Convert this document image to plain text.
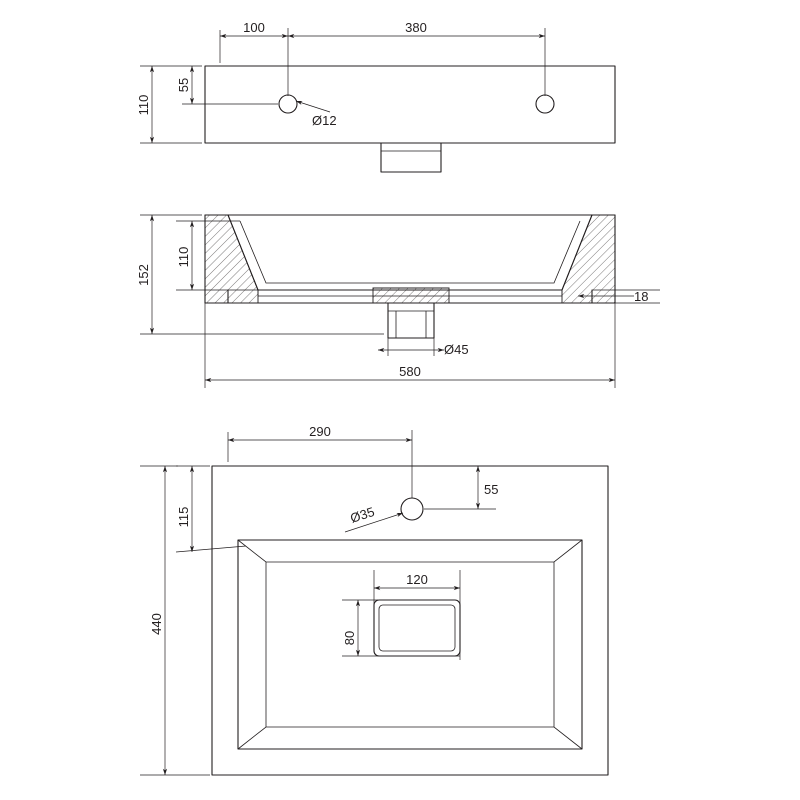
100	380
110
55
Ø12
152
110
18
Ø45
580
290
55
Ø35
115
440
120
80
